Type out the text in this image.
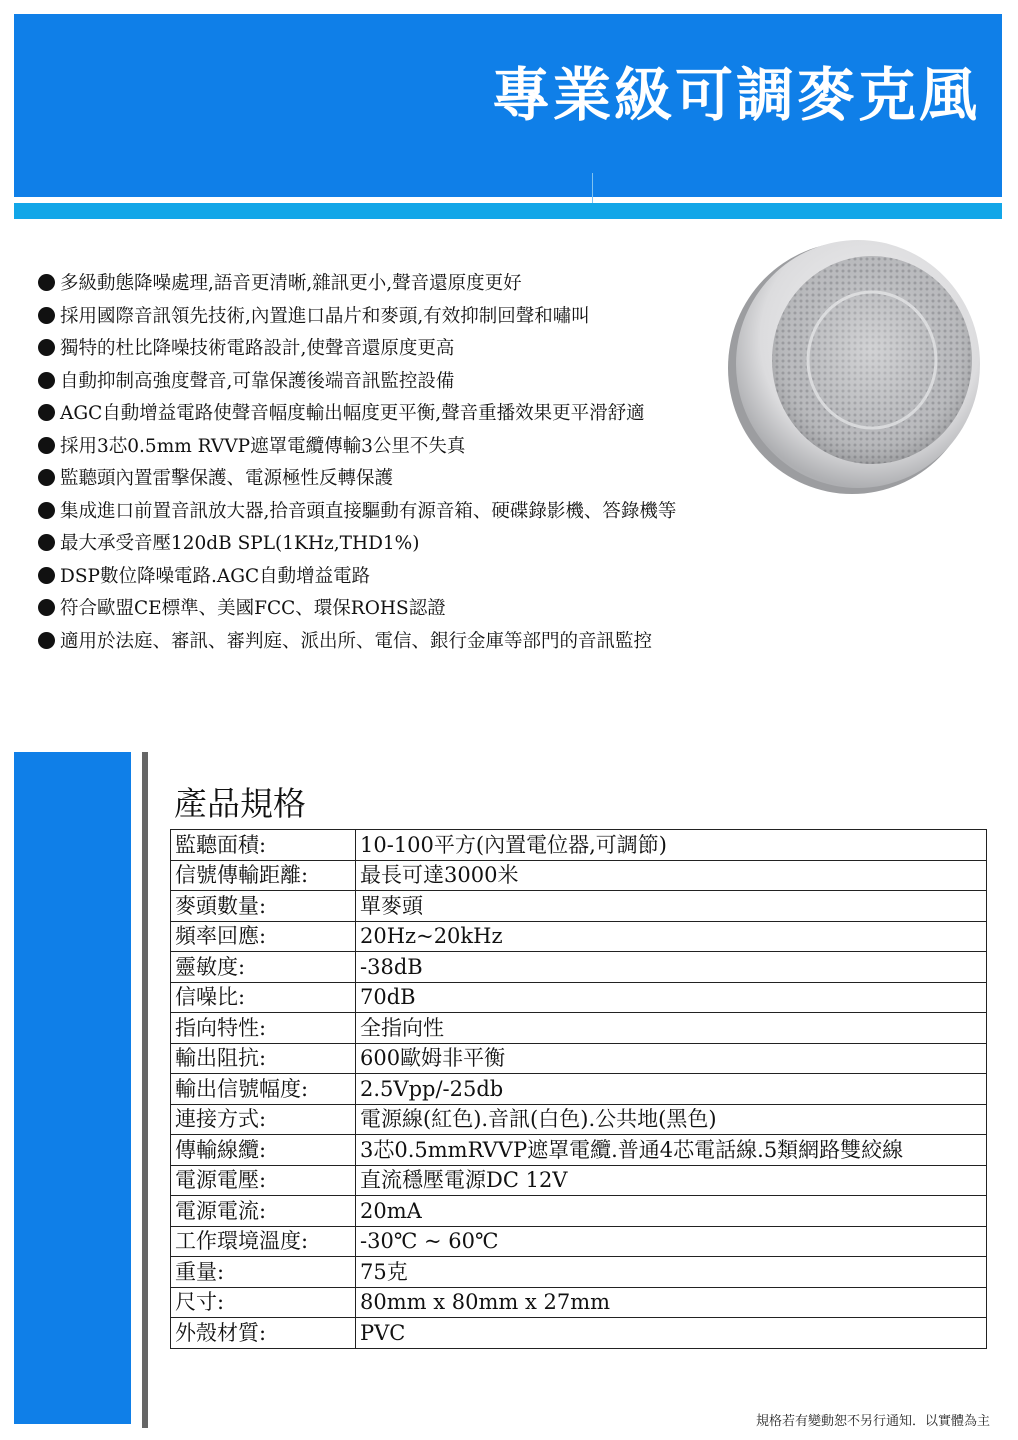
專業級可調麥克風
多級動態降噪處理,語音更清晰,雜訊更小,聲音還原度更好
採用國際音訊領先技術,內置進口晶片和麥頭,有效抑制回聲和嘯叫
獨特的杜比降噪技術電路設計,使聲音還原度更高
自動抑制高強度聲音,可靠保護後端音訊監控設備
AGC自動增益電路使聲音幅度輸出幅度更平衡,聲音重播效果更平滑舒適
採用3芯0.5mm RVVP遮罩電纜傳輸3公里不失真
監聽頭內置雷擊保護、電源極性反轉保護
集成進口前置音訊放大器,拾音頭直接驅動有源音箱、硬碟錄影機、答錄機等
最大承受音壓120dB SPL(1KHz,THD1%)
DSP數位降噪電路.AGC自動增益電路
符合歐盟CE標準、美國FCC、環保ROHS認證
適用於法庭、審訊、審判庭、派出所、電信、銀行金庫等部門的音訊監控
產品規格
監聽面積:	10-100平方(內置電位器,可調節)
信號傳輸距離:	最長可達3000米
麥頭數量:	單麥頭
頻率回應:	20Hz~20kHz
靈敏度:	-38dB
信噪比:	70dB
指向特性:	全指向性
輸出阻抗:	600歐姆非平衡
輸出信號幅度:	2.5Vpp/-25db
連接方式:	電源線(紅色).音訊(白色).公共地(黑色)
傳輸線纜:	3芯0.5mmRVVP遮罩電纜.普通4芯電話線.5類網路雙絞線
電源電壓:	直流穩壓電源DC 12V
電源電流:	20mA
工作環境溫度:	-30℃ ~ 60℃
重量:	75克
尺寸:	80mm x 80mm x 27mm
外殼材質:	PVC
規格若有變動恕不另行通知．以實體為主
